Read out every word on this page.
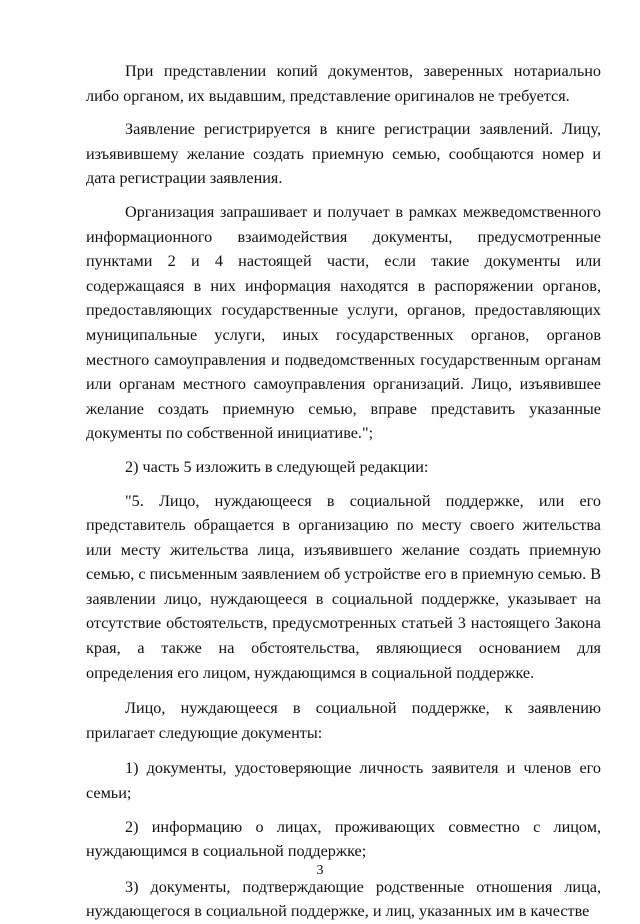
При представлении копий документов, заверенных нотариально либо органом, их выдавшим, представление оригиналов не требуется.

Заявление регистрируется в книге регистрации заявлений. Лицу, изъявившему желание создать приемную семью, сообщаются номер и дата регистрации заявления.

Организация запрашивает и получает в рамках межведомственного информационного взаимодействия документы, предусмотренные пунктами 2 и 4 настоящей части, если такие документы или содержащаяся в них информация находятся в распоряжении органов, предоставляющих государственные услуги, органов, предоставляющих муниципальные услуги, иных государственных органов, органов местного самоуправления и подведомственных государственным органам или органам местного самоуправления организаций. Лицо, изъявившее желание создать приемную семью, вправе представить указанные документы по собственной инициативе.";

2) часть 5 изложить в следующей редакции:

"5. Лицо, нуждающееся в социальной поддержке, или его представитель обращается в организацию по месту своего жительства или месту жительства лица, изъявившего желание создать приемную семью, с письменным заявлением об устройстве его в приемную семью. В заявлении лицо, нуждающееся в социальной поддержке, указывает на отсутствие обстоятельств, предусмотренных статьей 3 настоящего Закона края, а также на обстоятельства, являющиеся основанием для определения его лицом, нуждающимся в социальной поддержке.

Лицо, нуждающееся в социальной поддержке, к заявлению прилагает следующие документы:

1) документы, удостоверяющие личность заявителя и членов его семьи;

2) информацию о лицах, проживающих совместно с лицом, нуждающимся в социальной поддержке;

3) документы, подтверждающие родственные отношения лица, нуждающегося в социальной поддержке, и лиц, указанных им в качестве

3
